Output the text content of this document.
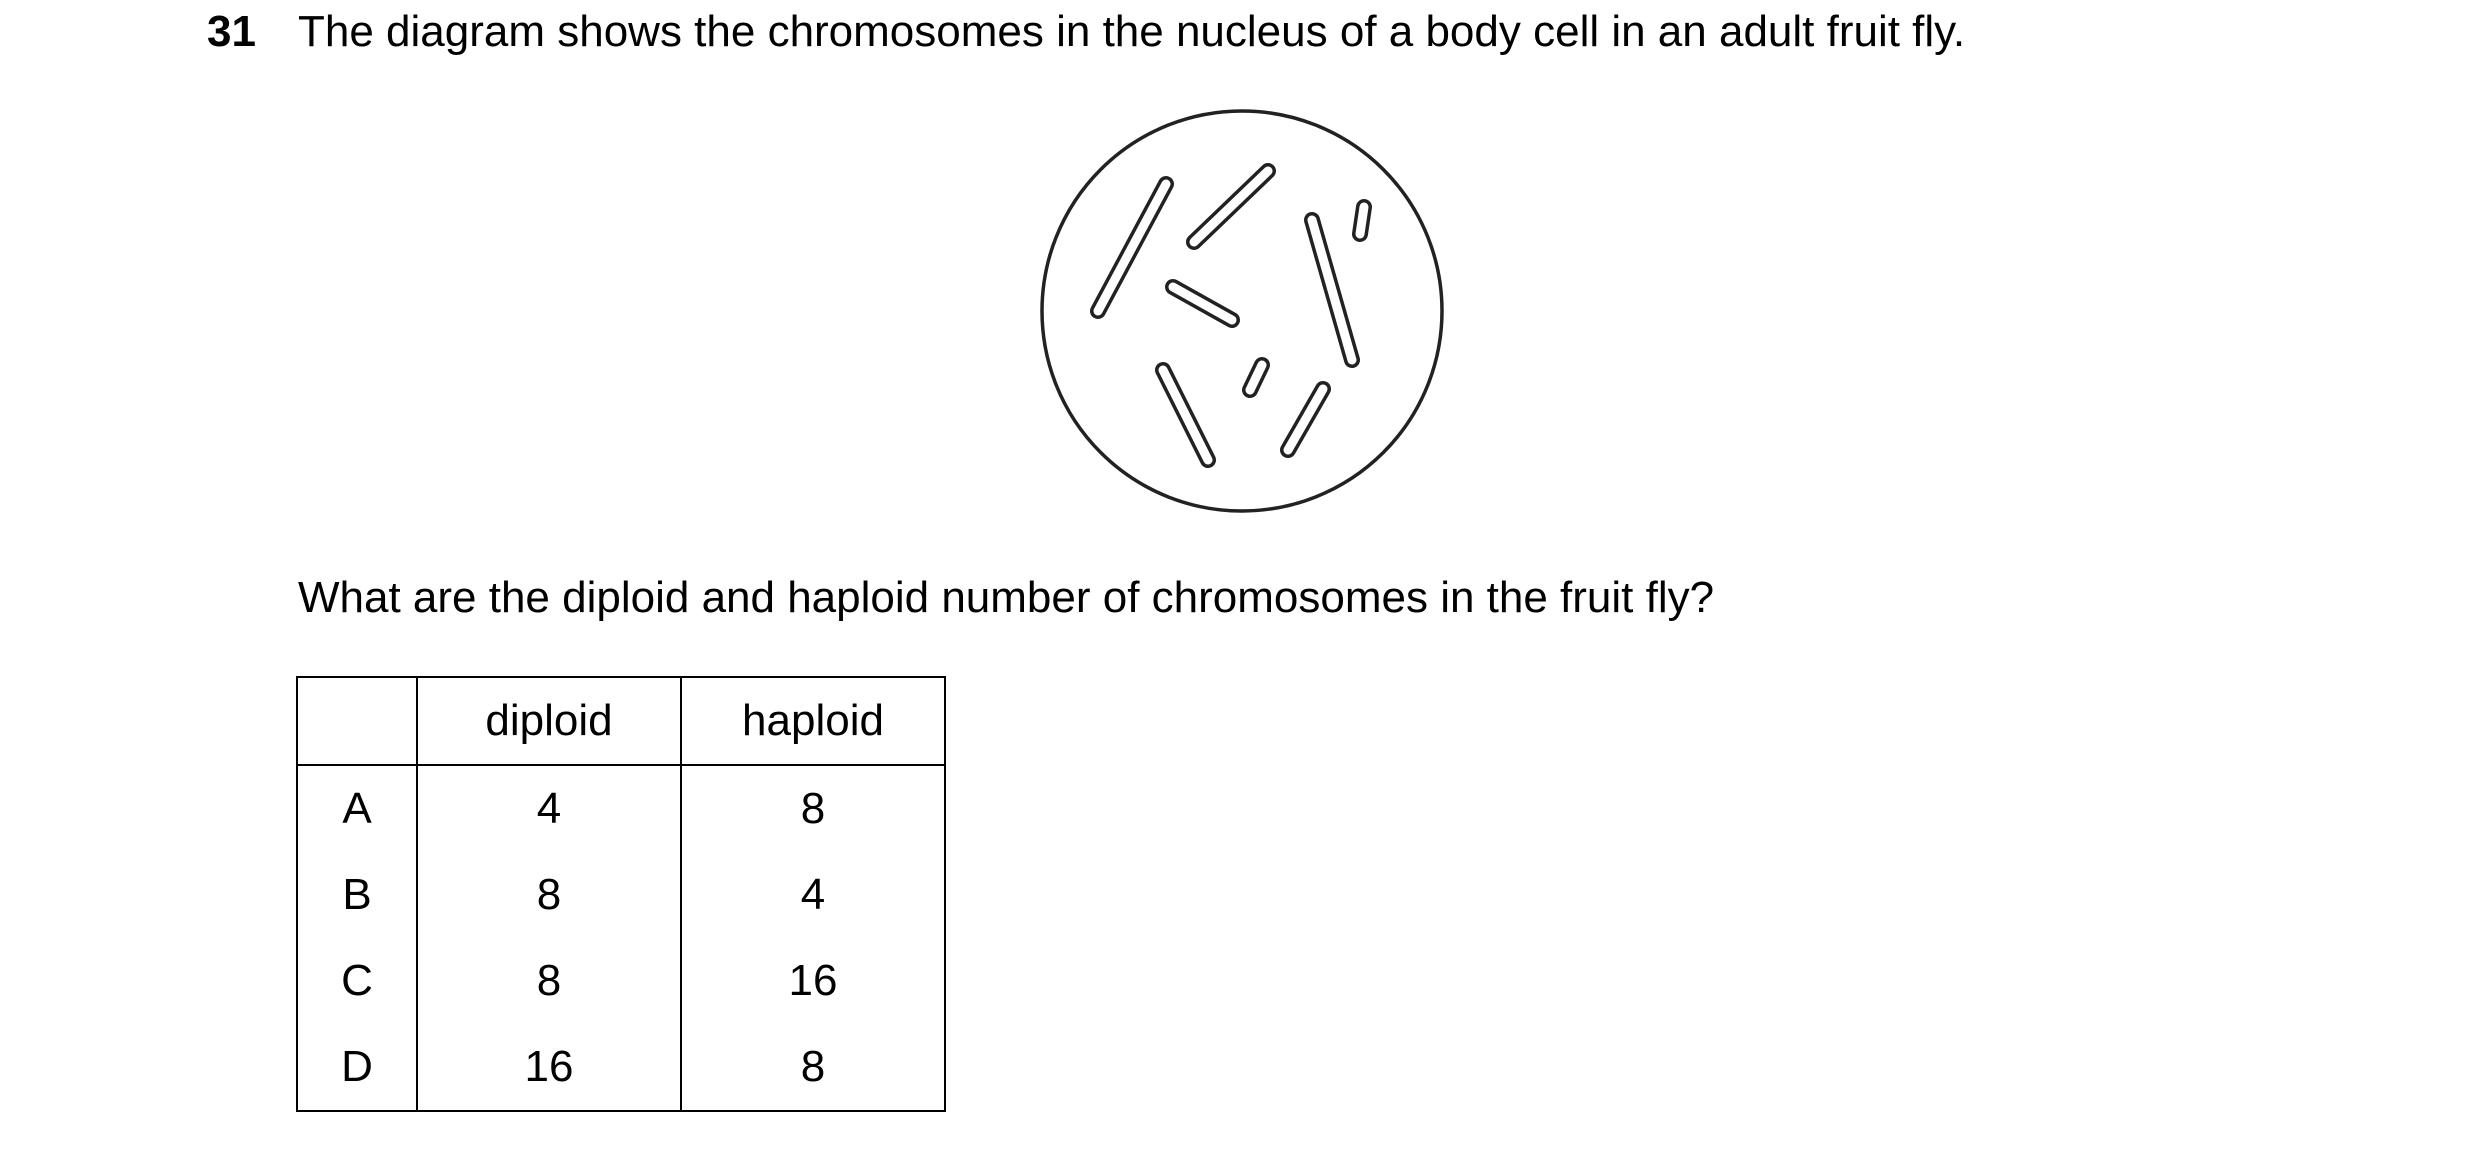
31 The diagram shows the chromosomes in the nucleus of a body cell in an adult fruit fly.
What are the diploid and haploid number of chromosomes in the fruit fly?
	diploid	haploid
A	4	8
B	8	4
C	8	16
D	16	8
